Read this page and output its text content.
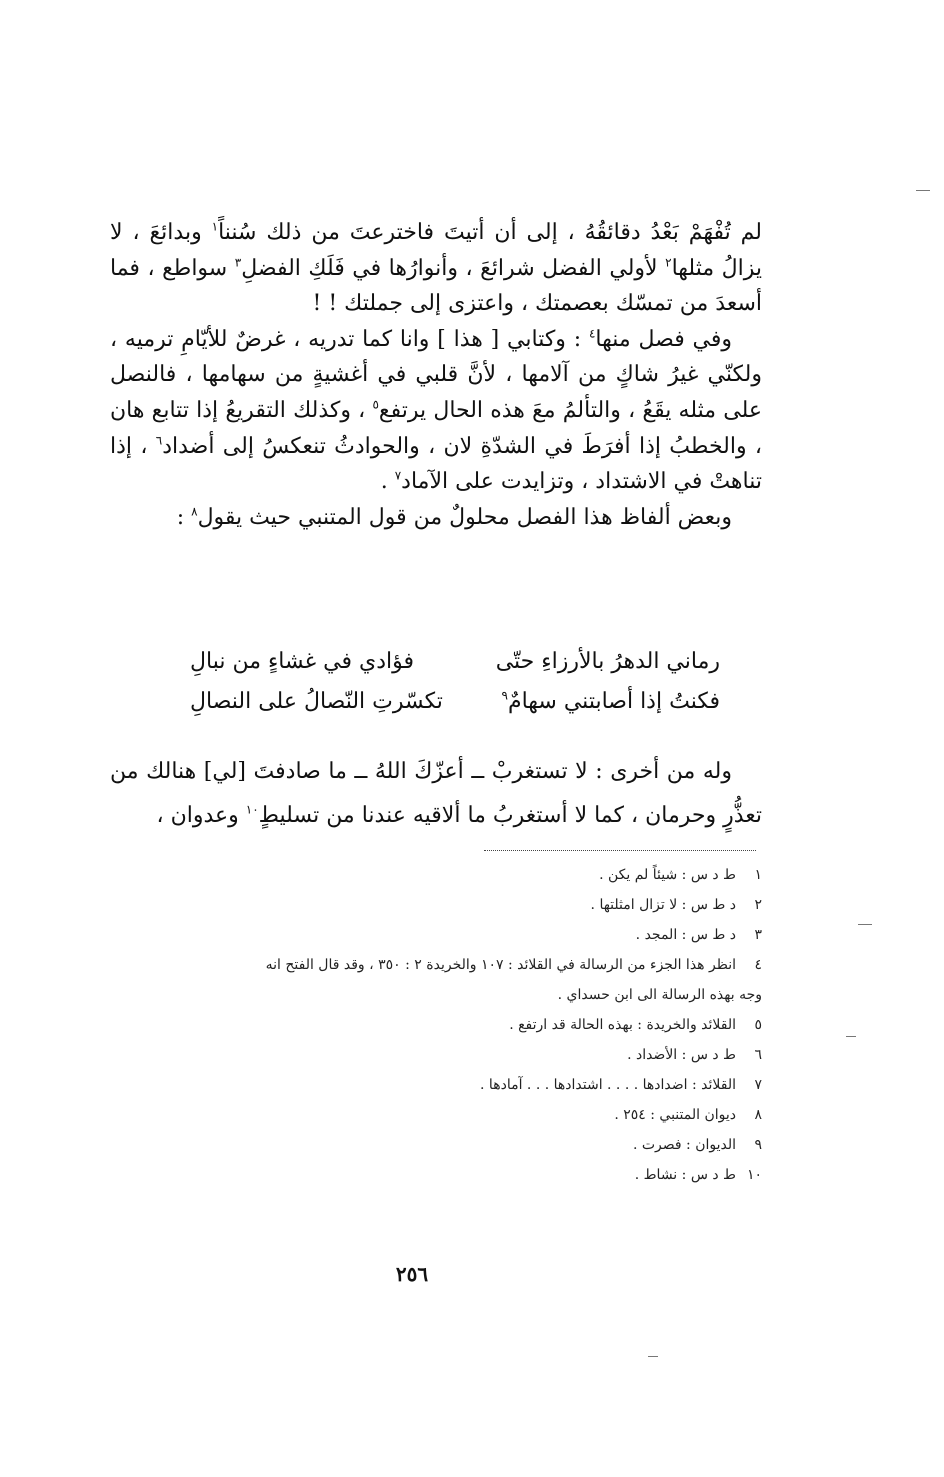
لم تُفْهَمْ بَعْدُ دقائقُهُ ، إلى أن أتيتَ فاخترعتَ من ذلك سُنناً$^١$ وبدائعَ ، لا يزالُ مثلها$^٢$ لأولي الفضل شرائعَ ، وأنوارُها في فَلَكِ الفضلِ$^٣$ سواطع ، فما أسعدَ من تمسّك بعصمتك ، واعتزى إلى جملتك ! !

وفي فصل منها$^٤$ : وكتابي [ هذا ] وانا كما تدريه ، غرضٌ للأيّامِ ترميه ، ولكنّي غيرُ شاكٍ من آلامها ، لأنَّ قلبي في أغشيةٍ من سهامها ، فالنصل على مثله يقَعُ ، والتألمُ معَ هذه الحال يرتفع$^٥$ ، وكذلك التقريعُ إذا تتابع هان ، والخطبُ إذا أفرَطَ في الشدّةِ لان ، والحوادثُ تنعكسُ إلى أضداد$^٦$ ، إذا تناهتْ في الاشتداد ، وتزايدت على الآماد$^٧$ .

وبعض ألفاظ هذا الفصل محلولٌ من قول المتنبي حيث يقول$^٨$ :

رماني الدهرُ بالأرزاءِ حتّى
فؤادي في غشاءٍ من نبالِ
فكنتُ إذا أصابتني سهامٌ$^٩$
تكسّرتِ النّصالُ على النصالِ

وله من أخرى : لا تستغربْ ــ أعزّكَ اللهُ ــ ما صادفتَ [لي] هنالك من تعذُّرٍ وحرمان ، كما لا أستغربُ ما ألاقيه عندنا من تسليطٍ$^{١٠}$ وعدوان ،

١ط د س : شيئاً لم يكن .
٢د ط س : لا تزال امثلتها .
٣د ط س : المجد .
٤انظر هذا الجزء من الرسالة في القلائد : ١٠٧ والخريدة ٢ : ٣٥٠ ، وقد قال الفتح انه
وجه بهذه الرسالة الى ابن حسداي .
٥القلائد والخريدة : بهذه الحالة قد ارتفع .
٦ط د س : الأضداد .
٧القلائد : اضدادها . . . . اشتدادها . . . آمادها .
٨ديوان المتنبي : ٢٥٤ .
٩الديوان : فصرت .
١٠ط د س : نشاط .
٢٥٦
